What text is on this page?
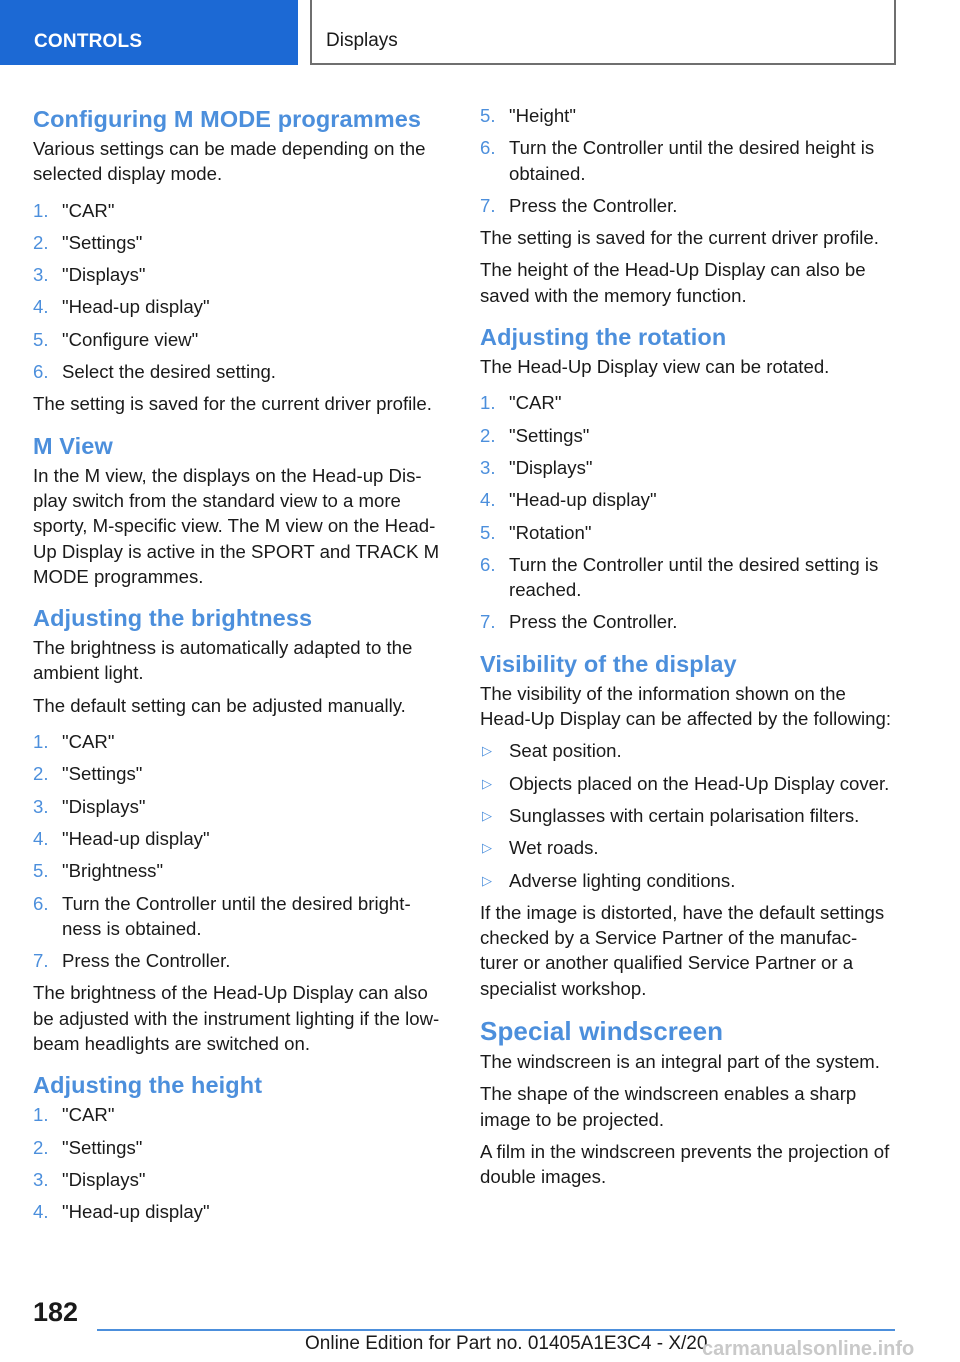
CONTROLS	Displays
Configuring M MODE programmes

Various settings can be made depending on the selected display mode.

1. "CAR"
2. "Settings"
3. "Displays"
4. "Head-up display"
5. "Configure view"
6. Select the desired setting.

The setting is saved for the current driver profile.

M View

In the M view, the displays on the Head-up Dis‐ play switch from the standard view to a more sporty, M-specific view. The M view on the Head-Up Display is active in the SPORT and TRACK M MODE programmes.

Adjusting the brightness

The brightness is automatically adapted to the ambient light.

The default setting can be adjusted manually.

1. "CAR"
2. "Settings"
3. "Displays"
4. "Head-up display"
5. "Brightness"
6. Turn the Controller until the desired bright‐ ness is obtained.
7. Press the Controller.

The brightness of the Head-Up Display can also be adjusted with the instrument lighting if the low-beam headlights are switched on.

Adjusting the height
1. "CAR"
2. "Settings"
3. "Displays"
4. "Head-up display"
5. "Height"
6. Turn the Controller until the desired height is obtained.
7. Press the Controller.

The setting is saved for the current driver profile.

The height of the Head-Up Display can also be saved with the memory function.

Adjusting the rotation

The Head-Up Display view can be rotated.

1. "CAR"
2. "Settings"
3. "Displays"
4. "Head-up display"
5. "Rotation"
6. Turn the Controller until the desired setting is reached.
7. Press the Controller.
Visibility of the display

The visibility of the information shown on the Head-Up Display can be affected by the following:

▷ Seat position.
▷ Objects placed on the Head-Up Display cover.
▷ Sunglasses with certain polarisation filters.
▷ Wet roads.
▷ Adverse lighting conditions.

If the image is distorted, have the default settings checked by a Service Partner of the manufac‐ turer or another qualified Service Partner or a specialist workshop.

Special windscreen

The windscreen is an integral part of the system.

The shape of the windscreen enables a sharp image to be projected.

A film in the windscreen prevents the projection of double images.

182
Online Edition for Part no. 01405A1E3C4 - X/20
carmanualsonline.info
